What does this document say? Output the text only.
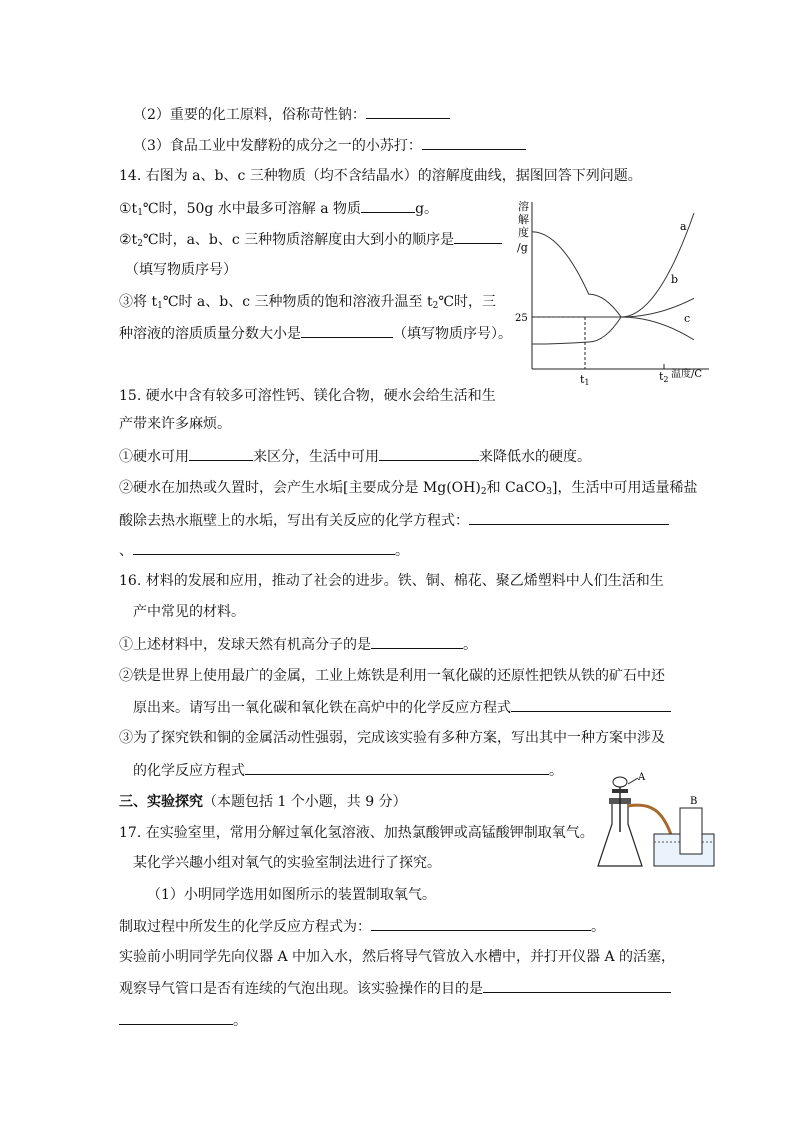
（2）重要的化工原料，俗称苛性钠：
（3）食品工业中发酵粉的成分之一的小苏打：
14. 右图为 a、b、c 三种物质（均不含结晶水）的溶解度曲线，据图回答下列问题。
$①t_1℃$时，50g 水中最多可溶解 a 物质	g。
$②t_2℃$时，a、b、c 三种物质溶解度由大到小的顺序是
（填写物质序号）
③将 $t_1℃$时 a、b、c 三种物质的饱和溶液升温至 $t_2℃$时，三
种溶液的溶质质量分数大小是	（填写物质序号）。
溶
解
度
/g
25
t1	t2 温度/C
a
b
c
15. 硬水中含有较多可溶性钙、镁化合物，硬水会给生活和生
产带来许多麻烦。
①硬水可用	来区分，生活中可用	来降低水的硬度。
②硬水在加热或久置时，会产生水垢[主要成分是 $Mg(OH)_2$和 CaCO$_3$]，生活中可用适量稀盐
酸除去热水瓶壁上的水垢，写出有关反应的化学方程式：
、	。
16. 材料的发展和应用，推动了社会的进步。铁、铜、棉花、聚乙烯塑料中人们生活和生
产中常见的材料。
①上述材料中，发球天然有机高分子的是	。
②铁是世界上使用最广的金属，工业上炼铁是利用一氧化碳的还原性把铁从铁的矿石中还
原出来。请写出一氧化碳和氧化铁在高炉中的化学反应方程式
③为了探究铁和铜的金属活动性强弱，完成该实验有多种方案，写出其中一种方案中涉及
的化学反应方程式	。
三、实验探究（本题包括 1 个小题，共 9 分）
17. 在实验室里，常用分解过氧化氢溶液、加热氯酸钾或高锰酸钾制取氧气。
某化学兴趣小组对氧气的实验室制法进行了探究。
（1）小明同学选用如图所示的装置制取氧气。
制取过程中所发生的化学反应方程式为：	。
实验前小明同学先向仪器 A 中加入水，然后将导气管放入水槽中，并打开仪器 A 的活塞，
观察导气管口是否有连续的气泡出现。该实验操作的目的是
。
A
B
